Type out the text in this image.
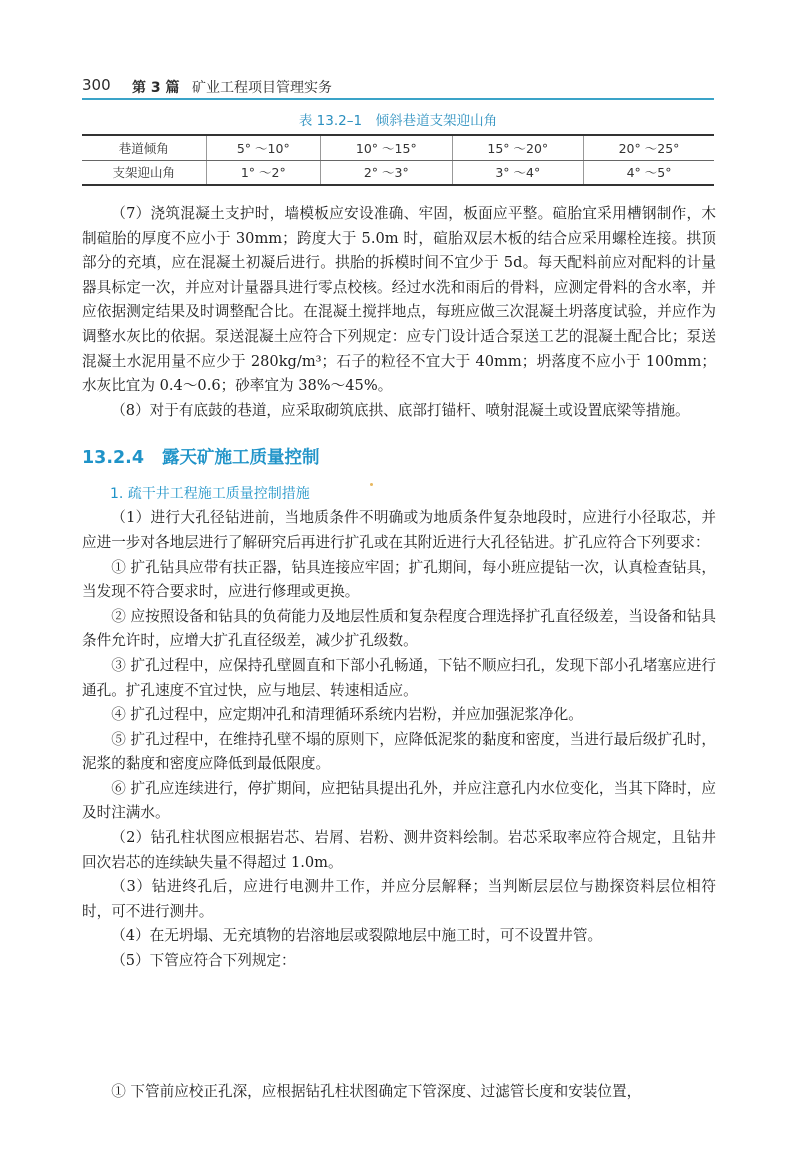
300 第 3 篇 矿业工程项目管理实务
表 13.2–1　倾斜巷道支架迎山角
巷道倾角	5° ～10°	10° ～15°	15° ～20°	20° ～25°
支架迎山角	1° ～2°	2° ～3°	3° ～4°	4° ～5°

（7）浇筑混凝土支护时，墙模板应安设准确、牢固，板面应平整。碹胎宜采用槽钢制作，木制碹胎的厚度不应小于 30mm；跨度大于 5.0m 时，碹胎双层木板的结合应采用螺栓连接。拱顶部分的充填，应在混凝土初凝后进行。拱胎的拆模时间不宜少于 5d。每天配料前应对配料的计量器具标定一次，并应对计量器具进行零点校核。经过水洗和雨后的骨料，应测定骨料的含水率，并应依据测定结果及时调整配合比。在混凝土搅拌地点，每班应做三次混凝土坍落度试验，并应作为调整水灰比的依据。泵送混凝土应符合下列规定：应专门设计适合泵送工艺的混凝土配合比；泵送混凝土水泥用量不应少于 280kg/m³；石子的粒径不宜大于 40mm；坍落度不应小于 100mm；水灰比宜为 0.4～0.6；砂率宜为 38%～45%。

（8）对于有底鼓的巷道，应采取砌筑底拱、底部打锚杆、喷射混凝土或设置底梁等措施。

13.2.4 露天矿施工质量控制
1. 疏干井工程施工质量控制措施

（1）进行大孔径钻进前，当地质条件不明确或为地质条件复杂地段时，应进行小径取芯，并应进一步对各地层进行了解研究后再进行扩孔或在其附近进行大孔径钻进。扩孔应符合下列要求：

① 扩孔钻具应带有扶正器，钻具连接应牢固；扩孔期间，每小班应提钻一次，认真检查钻具，当发现不符合要求时，应进行修理或更换。

② 应按照设备和钻具的负荷能力及地层性质和复杂程度合理选择扩孔直径级差，当设备和钻具条件允许时，应增大扩孔直径级差，减少扩孔级数。

③ 扩孔过程中，应保持孔壁圆直和下部小孔畅通，下钻不顺应扫孔，发现下部小孔堵塞应进行通孔。扩孔速度不宜过快，应与地层、转速相适应。

④ 扩孔过程中，应定期冲孔和清理循环系统内岩粉，并应加强泥浆净化。

⑤ 扩孔过程中，在维持孔壁不塌的原则下，应降低泥浆的黏度和密度，当进行最后级扩孔时，泥浆的黏度和密度应降低到最低限度。

⑥ 扩孔应连续进行，停扩期间，应把钻具提出孔外，并应注意孔内水位变化，当其下降时，应及时注满水。

（2）钻孔柱状图应根据岩芯、岩屑、岩粉、测井资料绘制。岩芯采取率应符合规定，且钻井回次岩芯的连续缺失量不得超过 1.0m。

（3）钻进终孔后，应进行电测井工作，并应分层解释；当判断层层位与勘探资料层位相符时，可不进行测井。

（4）在无坍塌、无充填物的岩溶地层或裂隙地层中施工时，可不设置井管。

（5）下管应符合下列规定：

① 下管前应校正孔深，应根据钻孔柱状图确定下管深度、过滤管长度和安装位置，
